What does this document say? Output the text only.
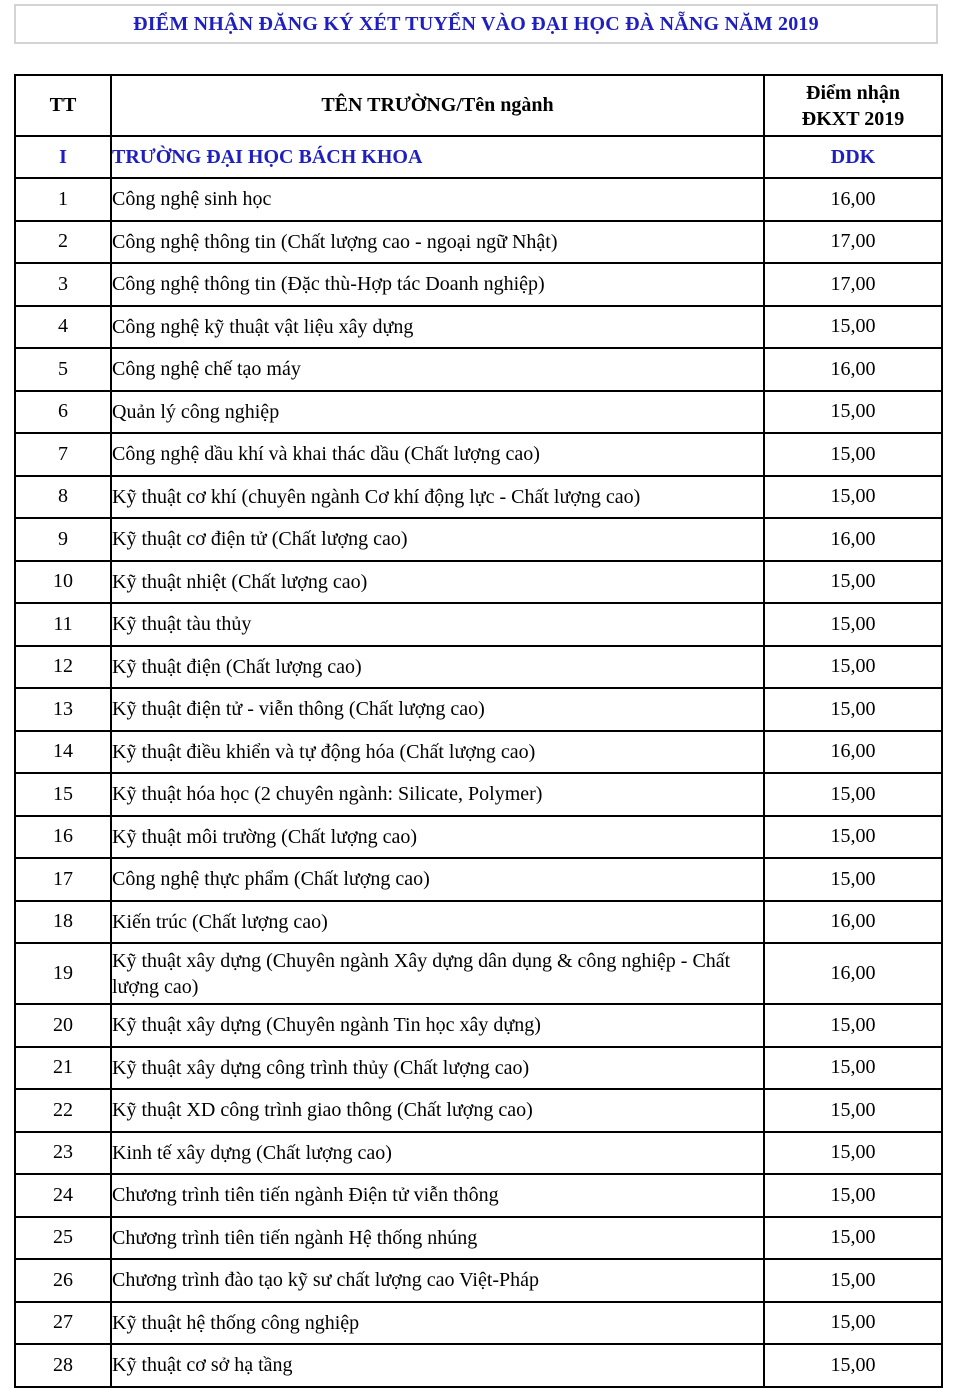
ĐIỂM NHẬN ĐĂNG KÝ XÉT TUYỂN VÀO ĐẠI HỌC ĐÀ NẴNG NĂM 2019
TT	TÊN TRƯỜNG/Tên ngành	Điểm nhận
ĐKXT 2019
I	TRƯỜNG ĐẠI HỌC BÁCH KHOA	DDK
1	Công nghệ sinh học	16,00
2	Công nghệ thông tin (Chất lượng cao - ngoại ngữ Nhật)	17,00
3	Công nghệ thông tin (Đặc thù-Hợp tác Doanh nghiệp)	17,00
4	Công nghệ kỹ thuật vật liệu xây dựng	15,00
5	Công nghệ chế tạo máy	16,00
6	Quản lý công nghiệp	15,00
7	Công nghệ dầu khí và khai thác dầu (Chất lượng cao)	15,00
8	Kỹ thuật cơ khí (chuyên ngành Cơ khí động lực - Chất lượng cao)	15,00
9	Kỹ thuật cơ điện tử (Chất lượng cao)	16,00
10	Kỹ thuật nhiệt (Chất lượng cao)	15,00
11	Kỹ thuật tàu thủy	15,00
12	Kỹ thuật điện (Chất lượng cao)	15,00
13	Kỹ thuật điện tử - viễn thông (Chất lượng cao)	15,00
14	Kỹ thuật điều khiển và tự động hóa (Chất lượng cao)	16,00
15	Kỹ thuật hóa học (2 chuyên ngành: Silicate, Polymer)	15,00
16	Kỹ thuật môi trường (Chất lượng cao)	15,00
17	Công nghệ thực phẩm (Chất lượng cao)	15,00
18	Kiến trúc (Chất lượng cao)	16,00
19	Kỹ thuật xây dựng (Chuyên ngành Xây dựng dân dụng & công nghiệp - Chất lượng cao)	16,00
20	Kỹ thuật xây dựng (Chuyên ngành Tin học xây dựng)	15,00
21	Kỹ thuật xây dựng công trình thủy (Chất lượng cao)	15,00
22	Kỹ thuật XD công trình giao thông (Chất lượng cao)	15,00
23	Kinh tế xây dựng (Chất lượng cao)	15,00
24	Chương trình tiên tiến ngành Điện tử viễn thông	15,00
25	Chương trình tiên tiến ngành Hệ thống nhúng	15,00
26	Chương trình đào tạo kỹ sư chất lượng cao Việt-Pháp	15,00
27	Kỹ thuật hệ thống công nghiệp	15,00
28	Kỹ thuật cơ sở hạ tầng	15,00
